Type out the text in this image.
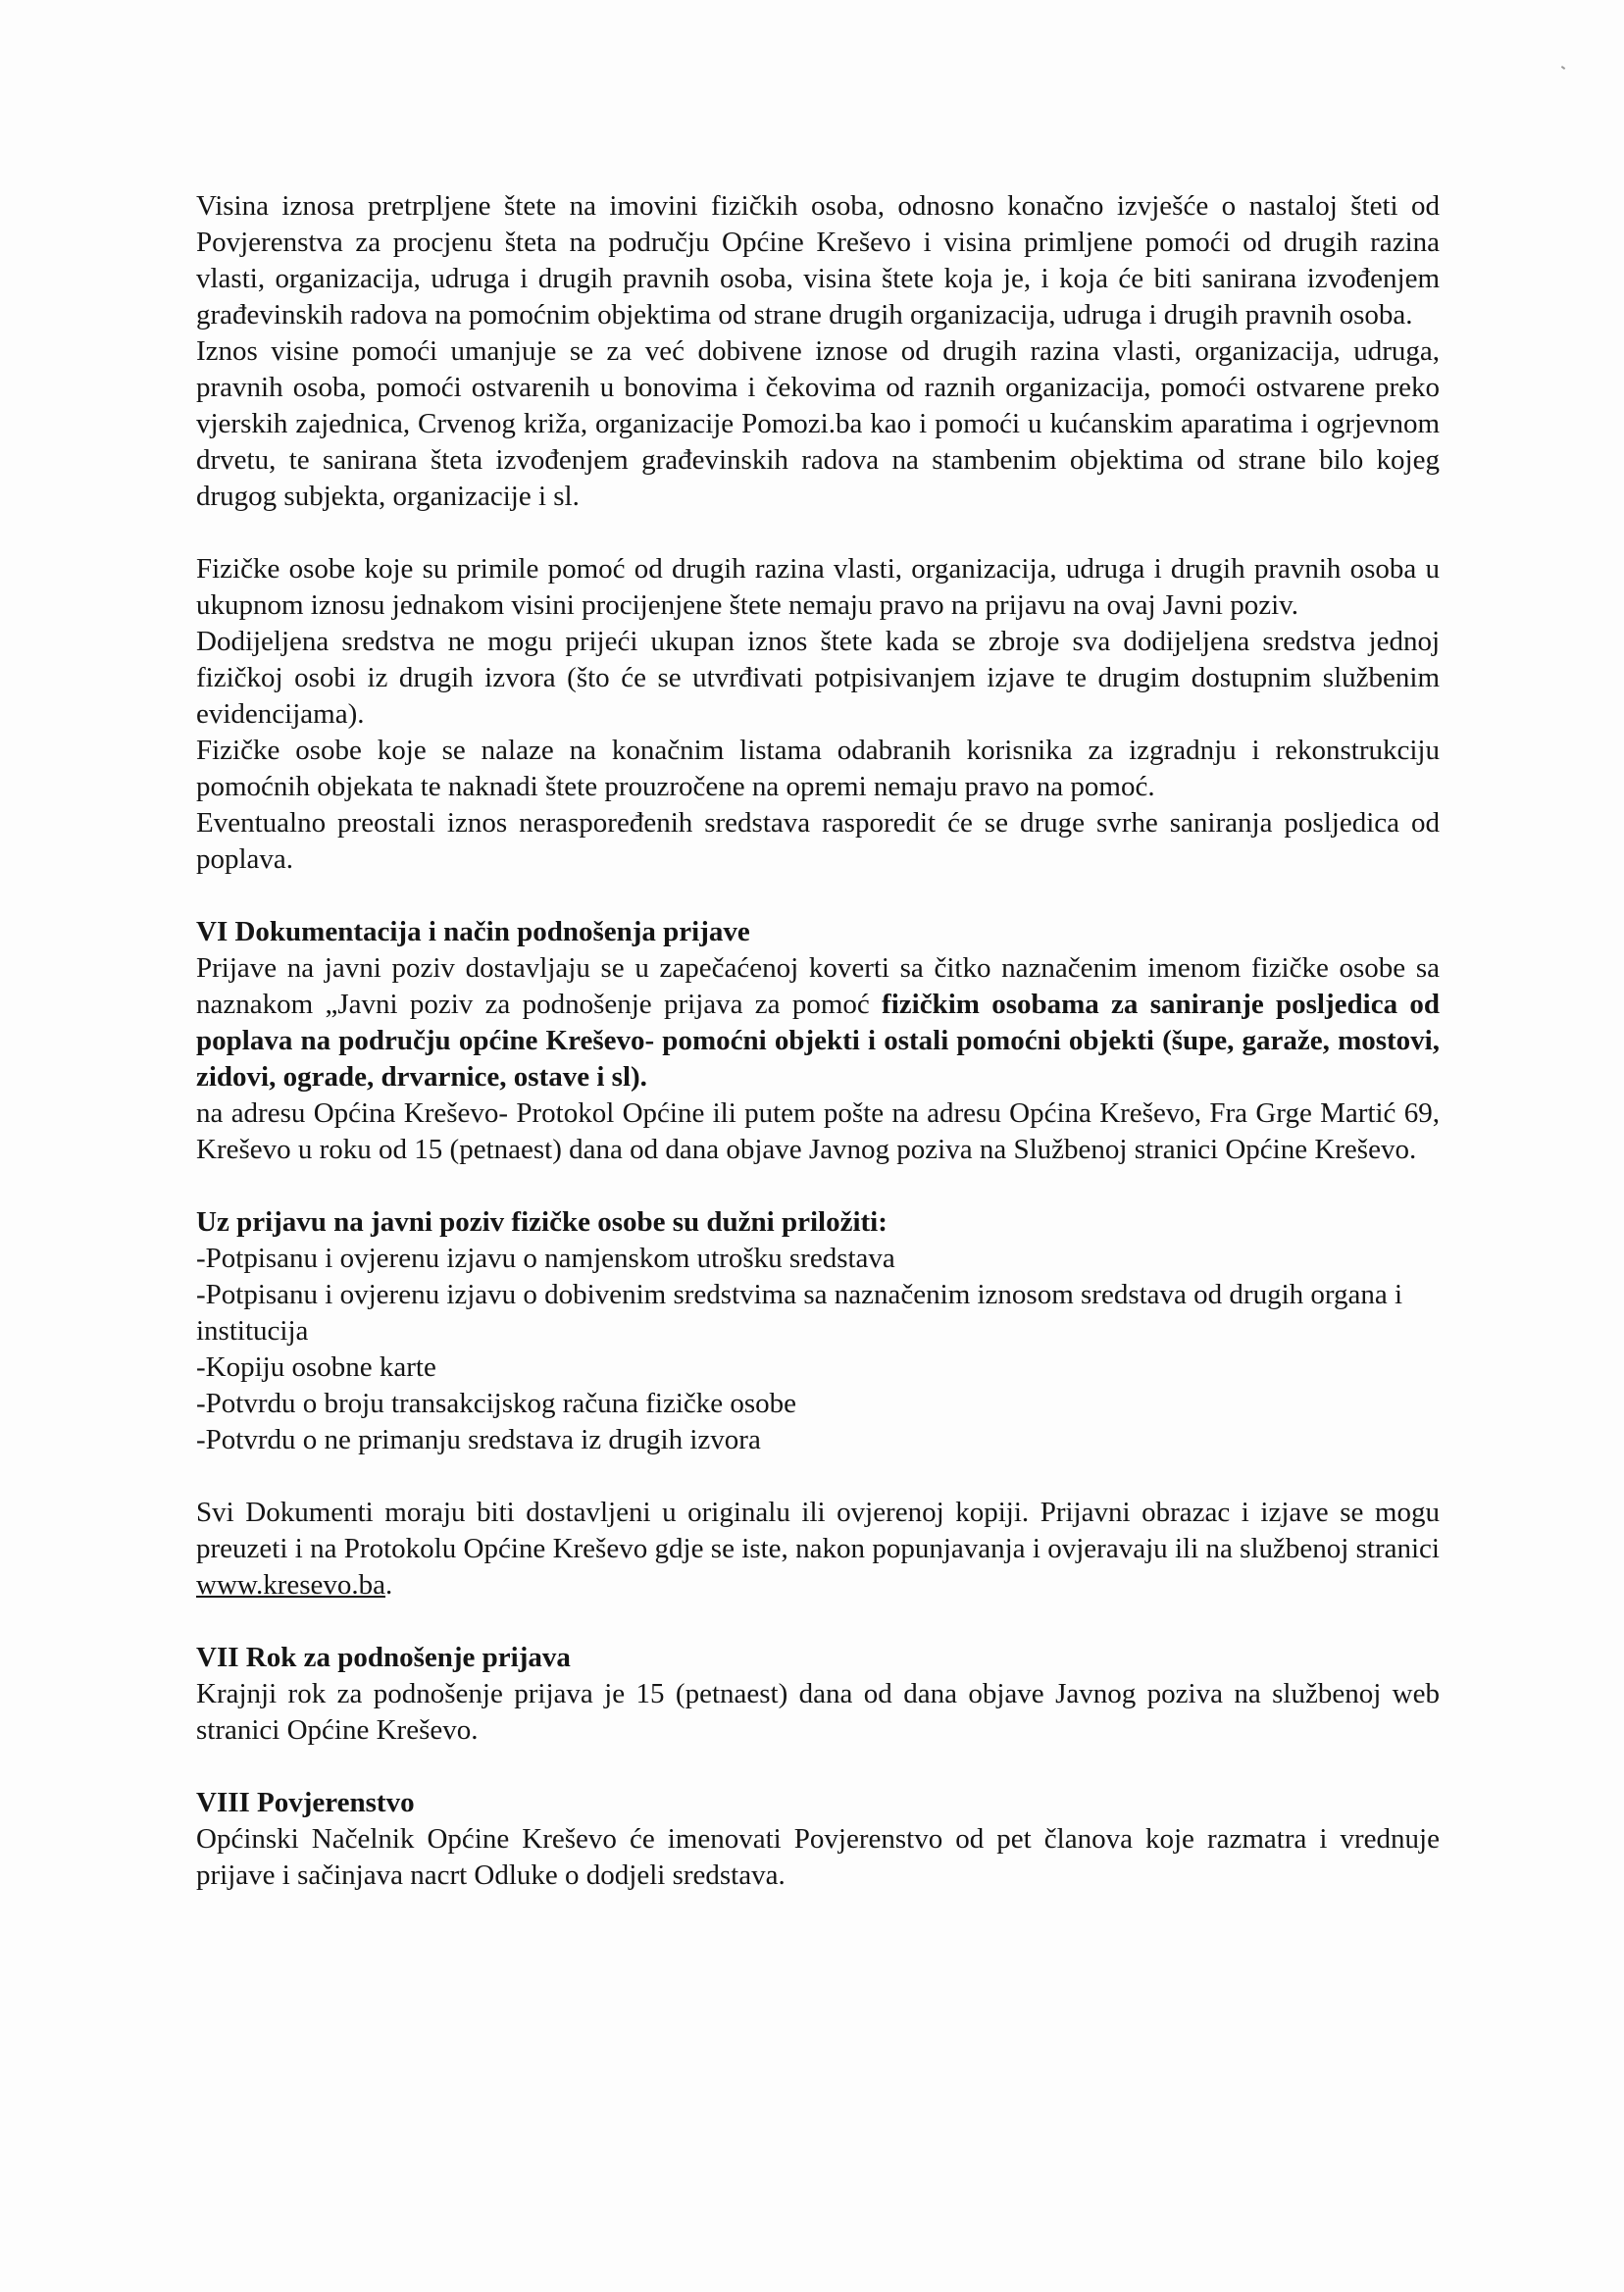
Visina iznosa pretrpljene štete na imovini fizičkih osoba, odnosno konačno izvješće o nastaloj šteti od Povjerenstva za procjenu šteta na području Općine Kreševo i visina primljene pomoći od drugih razina vlasti, organizacija, udruga i drugih pravnih osoba, visina štete koja je, i koja će biti sanirana izvođenjem građevinskih radova na pomoćnim objektima od strane drugih organizacija, udruga i drugih pravnih osoba.

Iznos visine pomoći umanjuje se za već dobivene iznose od drugih razina vlasti, organizacija, udruga, pravnih osoba, pomoći ostvarenih u bonovima i čekovima od raznih organizacija, pomoći ostvarene preko vjerskih zajednica, Crvenog križa, organizacije Pomozi.ba kao i pomoći u kućanskim aparatima i ogrjevnom drvetu, te sanirana šteta izvođenjem građevinskih radova na stambenim objektima od strane bilo kojeg drugog subjekta, organizacije i sl.

Fizičke osobe koje su primile pomoć od drugih razina vlasti, organizacija, udruga i drugih pravnih osoba u ukupnom iznosu jednakom visini procijenjene štete nemaju pravo na prijavu na ovaj Javni poziv.

Dodijeljena sredstva ne mogu prijeći ukupan iznos štete kada se zbroje sva dodijeljena sredstva jednoj fizičkoj osobi iz drugih izvora (što će se utvrđivati potpisivanjem izjave te drugim dostupnim službenim evidencijama).

Fizičke osobe koje se nalaze na konačnim listama odabranih korisnika za izgradnju i rekonstrukciju pomoćnih objekata te naknadi štete prouzročene na opremi nemaju pravo na pomoć.

Eventualno preostali iznos neraspoređenih sredstava rasporedit će se druge svrhe saniranja posljedica od poplava.

VI Dokumentacija i način podnošenja prijave

Prijave na javni poziv dostavljaju se u zapečaćenoj koverti sa čitko naznačenim imenom fizičke osobe sa naznakom „Javni poziv za podnošenje prijava za pomoć fizičkim osobama za saniranje posljedica od poplava na području općine Kreševo- pomoćni objekti i ostali pomoćni objekti (šupe, garaže, mostovi, zidovi, ograde, drvarnice, ostave i sl).

na adresu Općina Kreševo- Protokol Općine ili putem pošte na adresu Općina Kreševo, Fra Grge Martić 69, Kreševo u roku od 15 (petnaest) dana od dana objave Javnog poziva na Službenoj stranici Općine Kreševo.

Uz prijavu na javni poziv fizičke osobe su dužni priložiti:

-Potpisanu i ovjerenu izjavu o namjenskom utrošku sredstava

-Potpisanu i ovjerenu izjavu o dobivenim sredstvima sa naznačenim iznosom sredstava od drugih organa i institucija

-Kopiju osobne karte

-Potvrdu o broju transakcijskog računa fizičke osobe

-Potvrdu o ne primanju sredstava iz drugih izvora

Svi Dokumenti moraju biti dostavljeni u originalu ili ovjerenoj kopiji. Prijavni obrazac i izjave se mogu preuzeti i na Protokolu Općine Kreševo gdje se iste, nakon popunjavanja i ovjeravaju ili na službenoj stranici www.kresevo.ba.

VII Rok za podnošenje prijava

Krajnji rok za podnošenje prijava je 15 (petnaest) dana od dana objave Javnog poziva na službenoj web stranici Općine Kreševo.

VIII Povjerenstvo

Općinski Načelnik Općine Kreševo će imenovati Povjerenstvo od pet članova koje razmatra i vrednuje prijave i sačinjava nacrt Odluke o dodjeli sredstava.
